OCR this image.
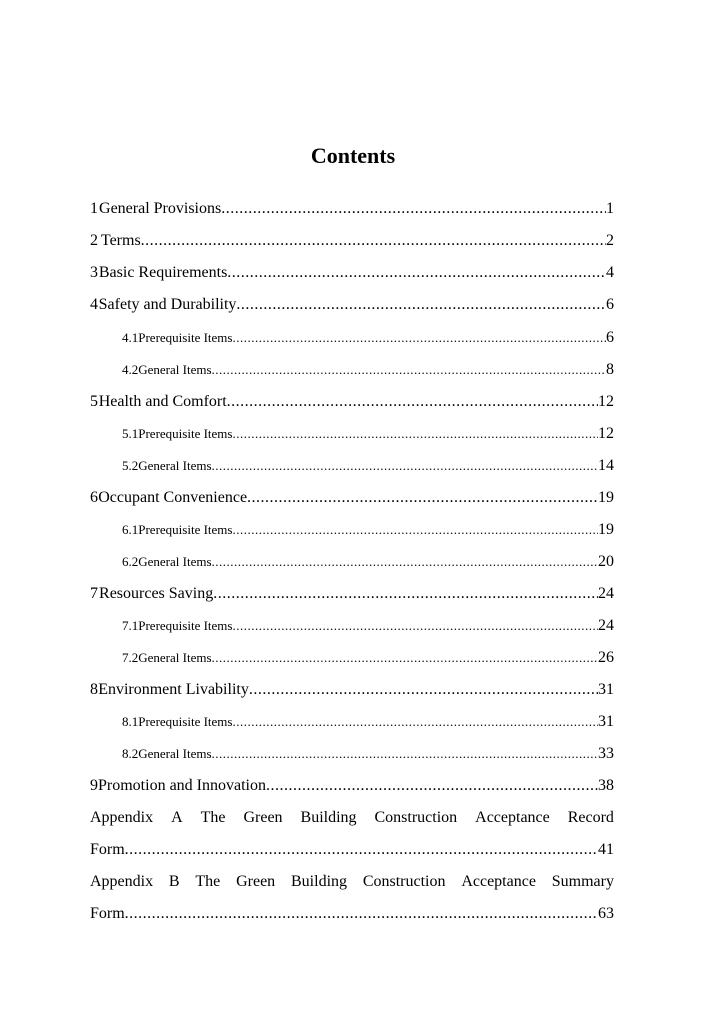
Contents
1 General Provisions .....	1
2 Terms .....	2
3 Basic Requirements .....	4
4 Safety and Durability .....	6
4.1 Prerequisite Items .....	6
4.2 General Items .....	8
5 Health and Comfort .....	12
5.1 Prerequisite Items .....	12
5.2 General Items .....	14
6 Occupant Convenience .....	19
6.1 Prerequisite Items .....	19
6.2 General Items .....	20
7 Resources Saving .....	24
7.1 Prerequisite Items .....	24
7.2 General Items .....	26
8 Environment Livability .....	31
8.1 Prerequisite Items .....	31
8.2 General Items .....	33
9 Promotion and Innovation .....	38
Appendix A The Green Building Construction Acceptance Record
Form .....	41
Appendix B The Green Building Construction Acceptance Summary
Form .....	63
